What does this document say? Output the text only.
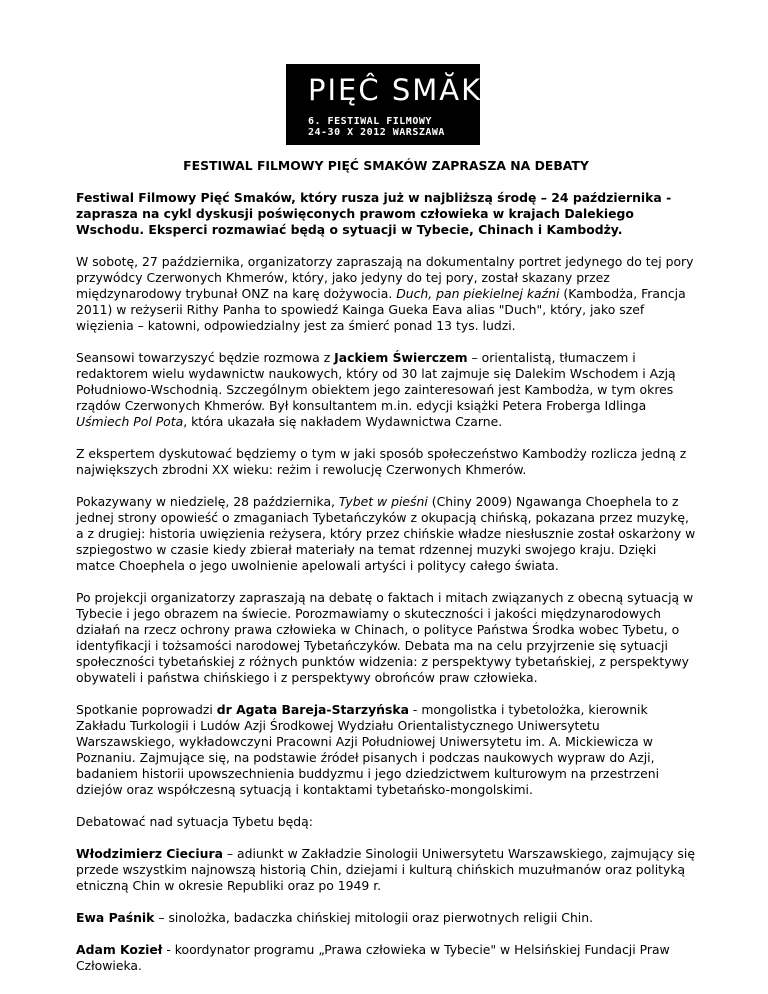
PIĘĈ SMĂKŌW
6. FESTIWAL FILMOWY
24-30 X 2012 WARSZAWA

FESTIWAL FILMOWY PIĘĆ SMAKÓW ZAPRASZA NA DEBATY

Festiwal Filmowy Pięć Smaków, który rusza już w najbliższą środę – 24 października - zaprasza na cykl dyskusji poświęconych prawom człowieka w krajach Dalekiego Wschodu. Eksperci rozmawiać będą o sytuacji w Tybecie, Chinach i Kambodży.

W sobotę, 27 października, organizatorzy zapraszają na dokumentalny portret jedynego do tej pory przywódcy Czerwonych Khmerów, który, jako jedyny do tej pory, został skazany przez międzynarodowy trybunał ONZ na karę dożywocia. Duch, pan piekielnej kaźni (Kambodża, Francja 2011) w reżyserii Rithy Panha to spowiedź Kainga Gueka Eava alias "Duch", który, jako szef więzienia – katowni, odpowiedzialny jest za śmierć ponad 13 tys. ludzi.

Seansowi towarzyszyć będzie rozmowa z Jackiem Świerczem – orientalistą, tłumaczem i redaktorem wielu wydawnictw naukowych, który od 30 lat zajmuje się Dalekim Wschodem i Azją Południowo-Wschodnią. Szczególnym obiektem jego zainteresowań jest Kambodża, w tym okres rządów Czerwonych Khmerów. Był konsultantem m.in. edycji książki Petera Froberga Idlinga Uśmiech Pol Pota, która ukazała się nakładem Wydawnictwa Czarne.

Z ekspertem dyskutować będziemy o tym w jaki sposób społeczeństwo Kambodży rozlicza jedną z największych zbrodni XX wieku: reżim i rewolucję Czerwonych Khmerów.

Pokazywany w niedzielę, 28 października, Tybet w pieśni (Chiny 2009) Ngawanga Choephela to z jednej strony opowieść o zmaganiach Tybetańczyków z okupacją chińską, pokazana przez muzykę, a z drugiej: historia uwięzienia reżysera, który przez chińskie władze niesłusznie został oskarżony w szpiegostwo w czasie kiedy zbierał materiały na temat rdzennej muzyki swojego kraju. Dzięki matce Choephela o jego uwolnienie apelowali artyści i politycy całego świata.

Po projekcji organizatorzy zapraszają na debatę o faktach i mitach związanych z obecną sytuacją w Tybecie i jego obrazem na świecie. Porozmawiamy o skuteczności i jakości międzynarodowych działań na rzecz ochrony prawa człowieka w Chinach, o polityce Państwa Środka wobec Tybetu, o identyfikacji i tożsamości narodowej Tybetańczyków. Debata ma na celu przyjrzenie się sytuacji społeczności tybetańskiej z różnych punktów widzenia: z perspektywy tybetańskiej, z perspektywy obywateli i państwa chińskiego i z perspektywy obrońców praw człowieka.

Spotkanie poprowadzi dr Agata Bareja-Starzyńska - mongolistka i tybetolożka, kierownik Zakładu Turkologii i Ludów Azji Środkowej Wydziału Orientalistycznego Uniwersytetu Warszawskiego, wykładowczyni Pracowni Azji Południowej Uniwersytetu im. A. Mickiewicza w Poznaniu. Zajmujące się, na podstawie źródeł pisanych i podczas naukowych wypraw do Azji, badaniem historii upowszechnienia buddyzmu i jego dziedzictwem kulturowym na przestrzeni dziejów oraz współczesną sytuacją i kontaktami tybetańsko-mongolskimi.

Debatować nad sytuacja Tybetu będą:

Włodzimierz Cieciura – adiunkt w Zakładzie Sinologii Uniwersytetu Warszawskiego, zajmujący się przede wszystkim najnowszą historią Chin, dziejami i kulturą chińskich muzułmanów oraz polityką etniczną Chin w okresie Republiki oraz po 1949 r.

Ewa Paśnik – sinolożka, badaczka chińskiej mitologii oraz pierwotnych religii Chin.

Adam Kozieł - koordynator programu „Prawa człowieka w Tybecie" w Helsińskiej Fundacji Praw Człowieka.
